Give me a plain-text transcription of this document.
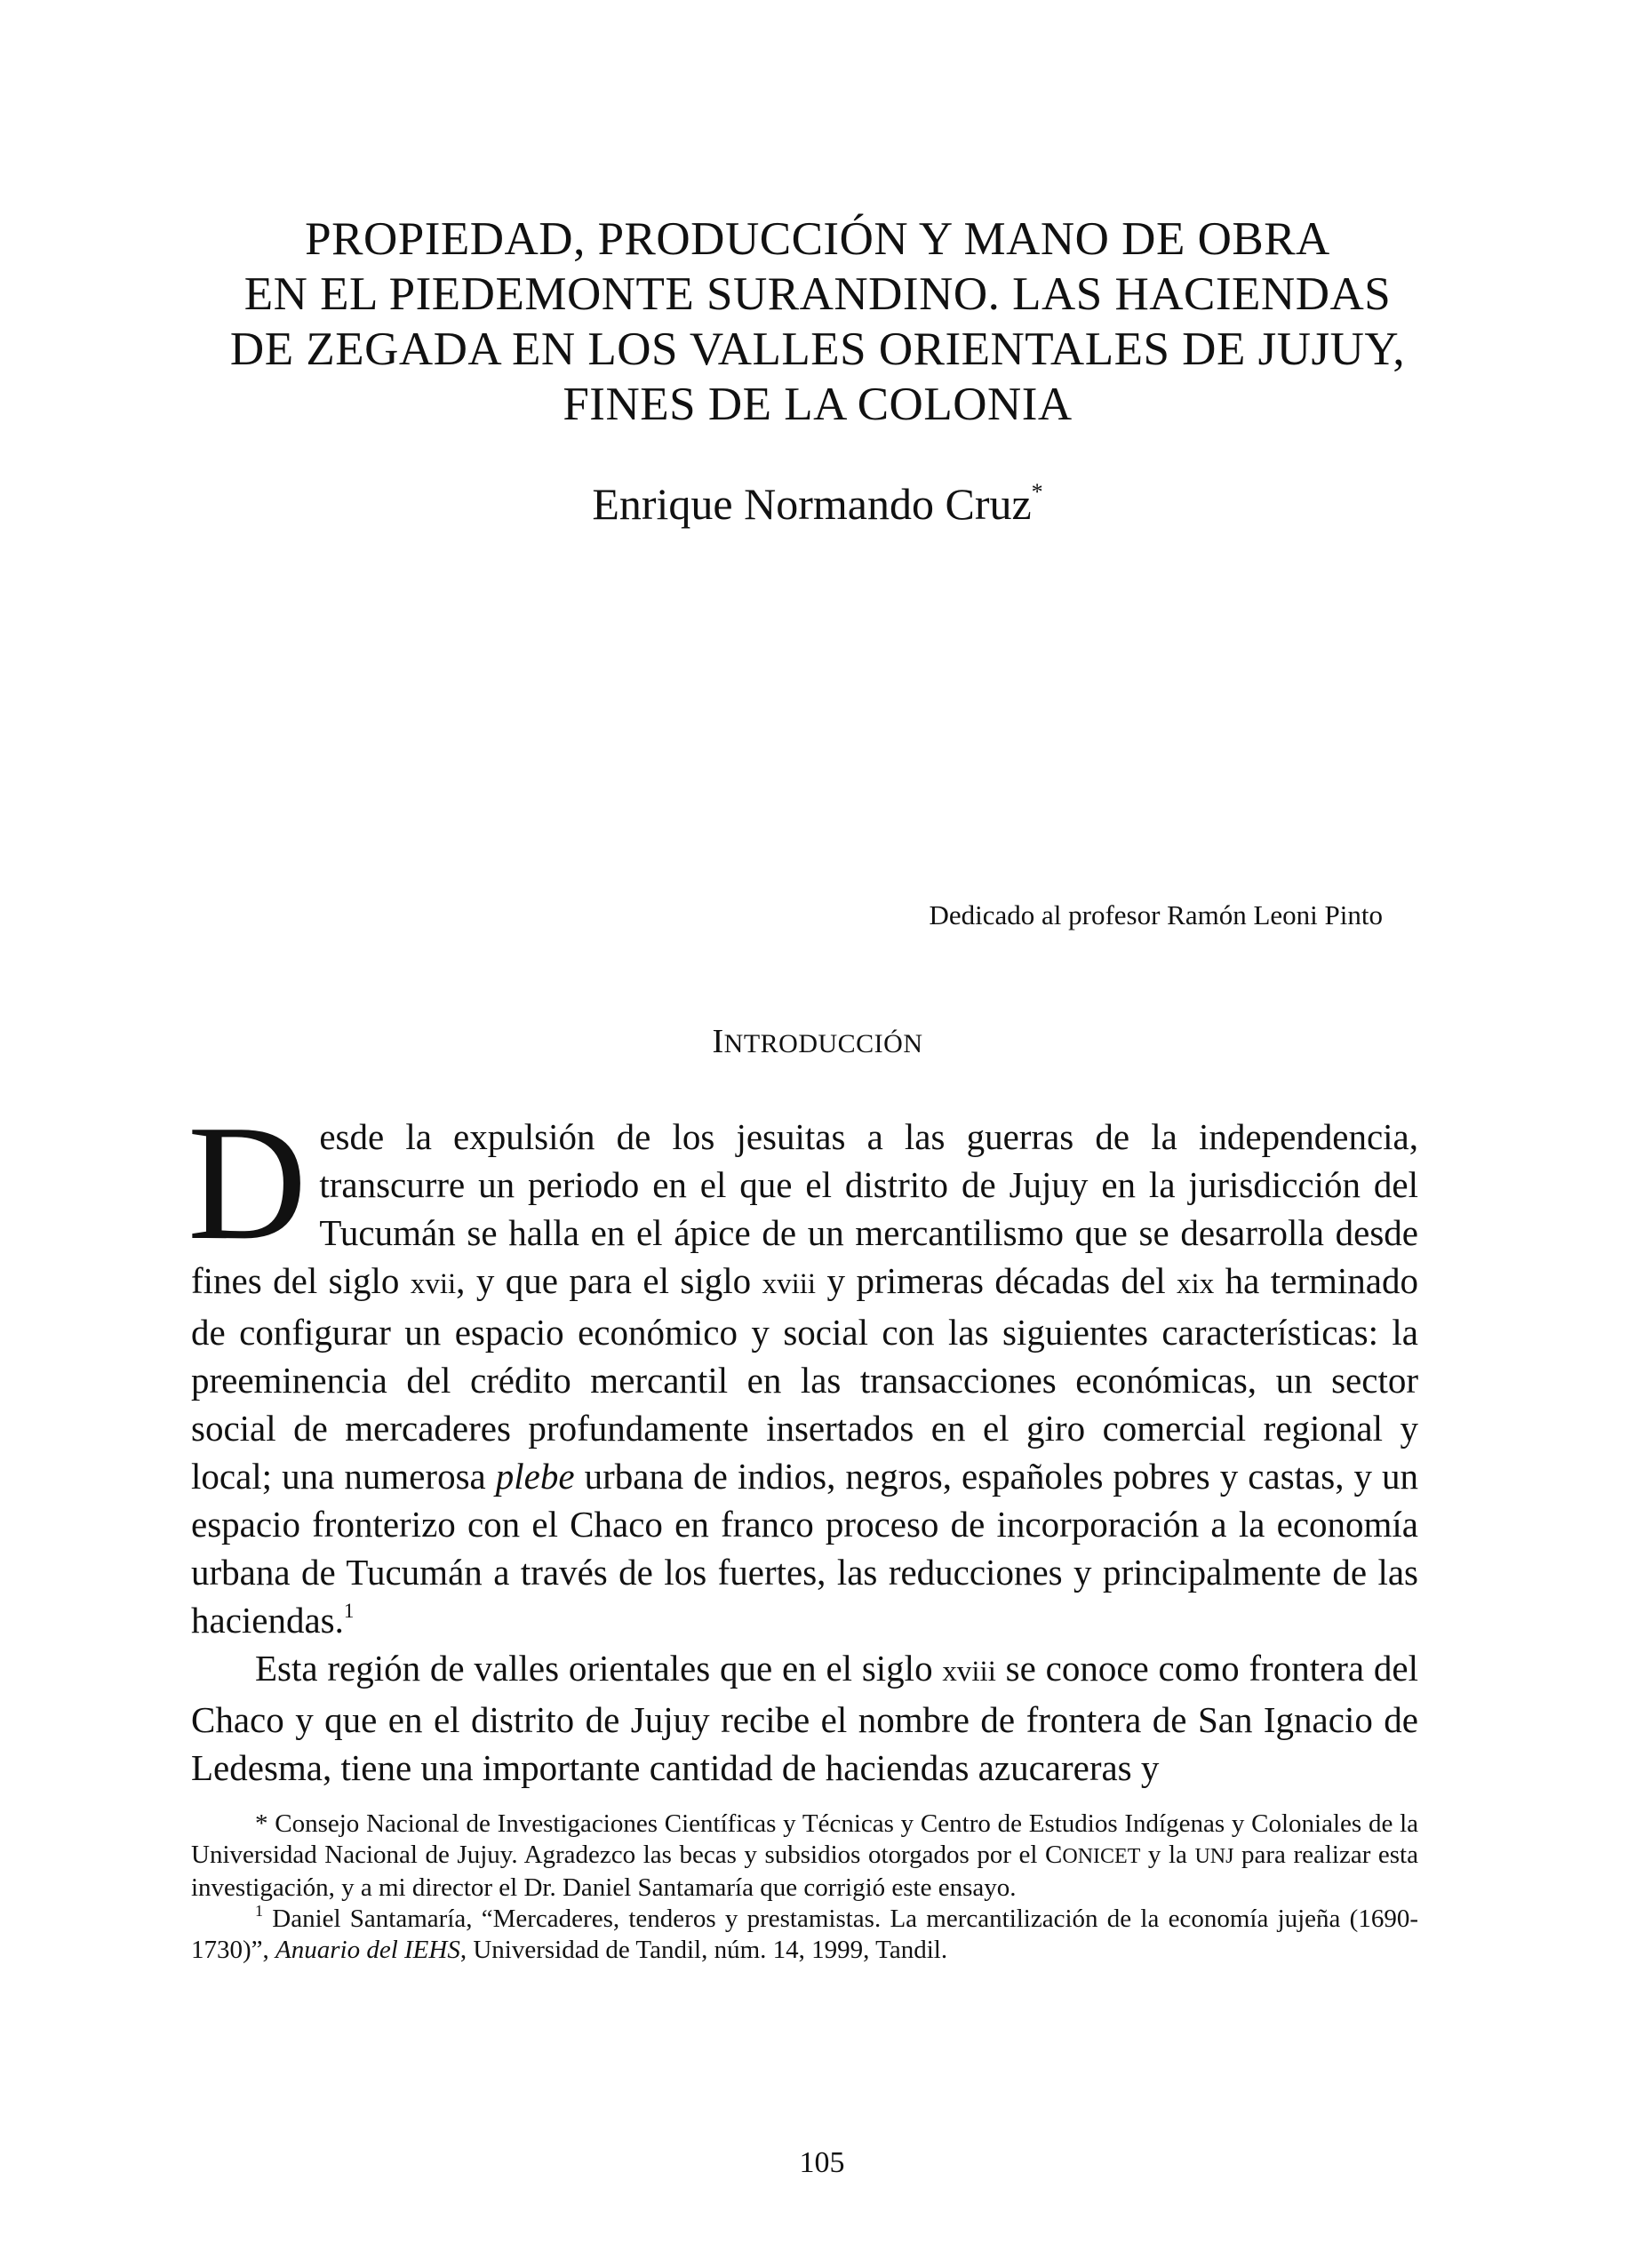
PROPIEDAD, PRODUCCIÓN Y MANO DE OBRA
EN EL PIEDEMONTE SURANDINO. LAS HACIENDAS
DE ZEGADA EN LOS VALLES ORIENTALES DE JUJUY,
FINES DE LA COLONIA
Enrique Normando Cruz*
Dedicado al profesor Ramón Leoni Pinto
INTRODUCCIÓN

Desde la expulsión de los jesuitas a las guerras de la independencia, transcurre un periodo en el que el distrito de Jujuy en la jurisdicción del Tucumán se halla en el ápice de un mercantilismo que se desarrolla desde fines del siglo xvii, y que para el siglo xviii y primeras décadas del xix ha terminado de configurar un espacio económico y social con las siguientes características: la preeminencia del crédito mercantil en las transacciones económicas, un sector social de mercaderes profundamente insertados en el giro comercial regional y local; una numerosa plebe urbana de indios, negros, españoles pobres y castas, y un espacio fronterizo con el Chaco en franco proceso de incorporación a la economía urbana de Tucumán a través de los fuertes, las reducciones y principalmente de las haciendas.$^1$

Esta región de valles orientales que en el siglo xviii se conoce como frontera del Chaco y que en el distrito de Jujuy recibe el nombre de frontera de San Ignacio de Ledesma, tiene una importante cantidad de haciendas azucareras y

* Consejo Nacional de Investigaciones Científicas y Técnicas y Centro de Estudios Indígenas y Coloniales de la Universidad Nacional de Jujuy. Agradezco las becas y subsidios otorgados por el CONICET y la UNJ para realizar esta investigación, y a mi director el Dr. Daniel Santamaría que corrigió este ensayo.

$^1$ Daniel Santamaría, “Mercaderes, tenderos y prestamistas. La mercantilización de la economía jujeña (1690-1730)”, Anuario del IEHS, Universidad de Tandil, núm. 14, 1999, Tandil.

105
